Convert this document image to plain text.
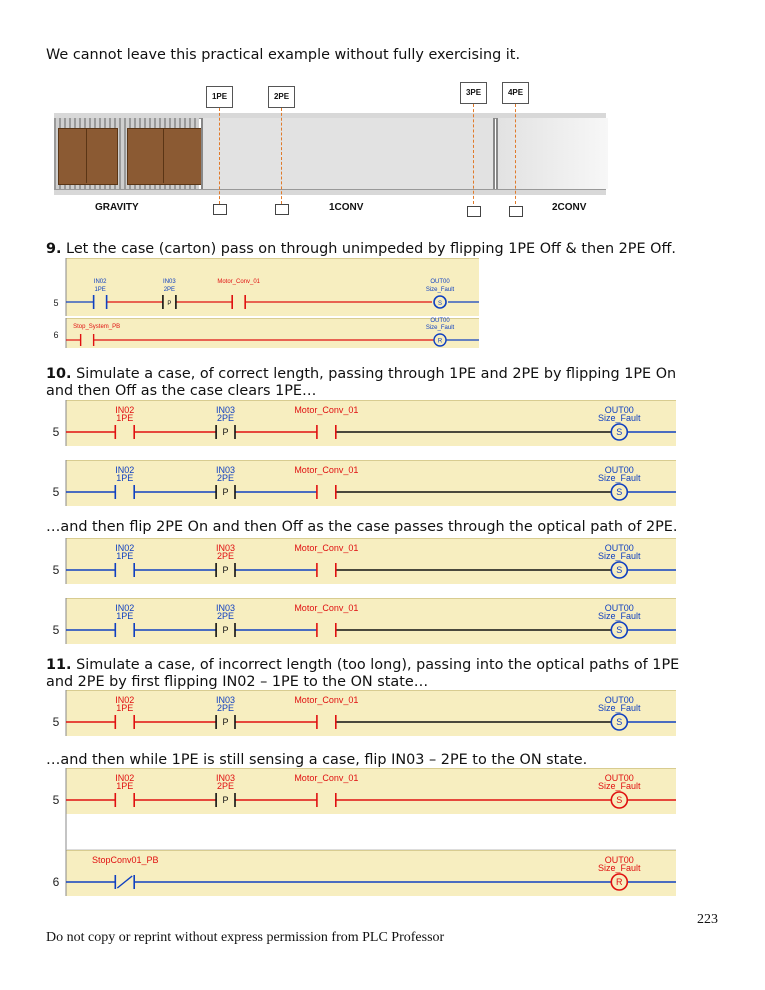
We cannot leave this practical example without fully exercising it.
1PE	2PE	3PE	4PE
GRAVITY	1CONV	2CONV
9. Let the case (carton) pass on through unimpeded by flipping 1PE Off & then 2PE Off.
10. Simulate a case, of correct length, passing through 1PE and 2PE by flipping 1PE On
and then Off as the case clears 1PE…
…and then flip 2PE On and then Off as the case passes through the optical path of 2PE.
11. Simulate a case, of incorrect length (too long), passing into the optical paths of 1PE
and 2PE by first flipping IN02 – 1PE to the ON state…
…and then while 1PE is still sensing a case, flip IN03 – 2PE to the ON state.
5	P	S
IN02
1PE
IN03
2PE
Motor_Conv_01	OUT00
Size_Fault
6
R
Stop_System_PB
OUT00
Size_Fault
5	P	S
IN02
1PE
IN03
2PE
Motor_Conv_01	OUT00
Size_Fault
5	P	S
IN02
1PE
IN03
2PE
Motor_Conv_01	OUT00
Size_Fault
5	P	S
IN02
1PE
IN03
2PE
Motor_Conv_01	OUT00
Size_Fault
5	P	S
IN02
1PE
IN03
2PE
Motor_Conv_01	OUT00
Size_Fault
5	P	S
IN02
1PE
IN03
2PE
Motor_Conv_01	OUT00
Size_Fault
5	P	S
IN02
1PE
IN03
2PE
Motor_Conv_01	OUT00
Size_Fault
6	R
StopConv01_PB	OUT00
Size_Fault
223
Do not copy or reprint without express permission from PLC Professor
